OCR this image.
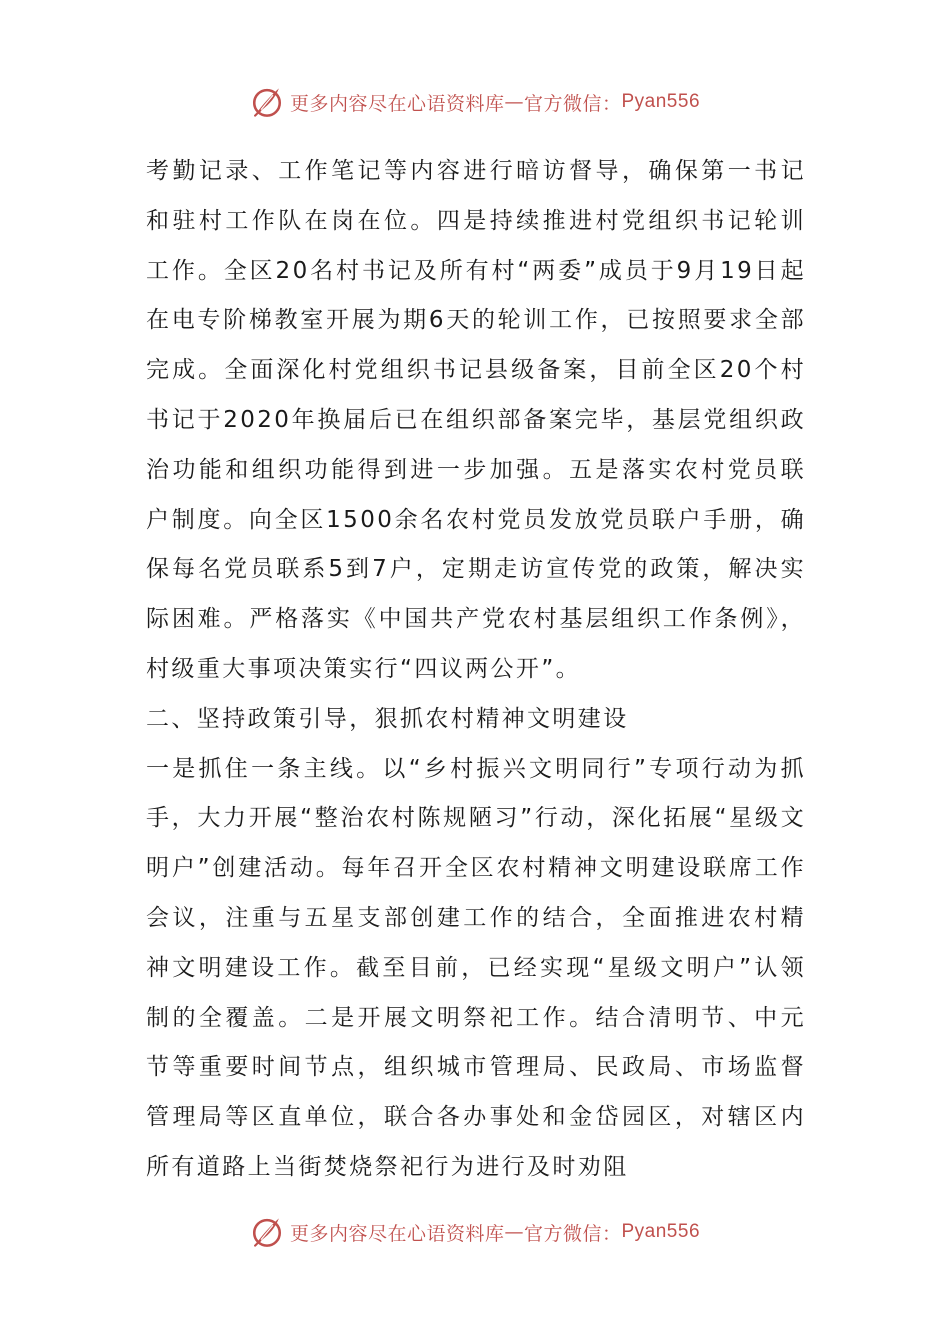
更多内容尽在心语资料库 — 官方微信： Pyan556

考勤记录、工作笔记等内容进行暗访督导，确保第一书记和驻村工作队在岗在位。四是持续推进村党组织书记轮训工作。全区20名村书记及所有村“两委”成员于9月19日起在电专阶梯教室开展为期6天的轮训工作，已按照要求全部完成。全面深化村党组织书记县级备案，目前全区20个村书记于2020年换届后已在组织部备案完毕，基层党组织政治功能和组织功能得到进一步加强。五是落实农村党员联户制度。向全区1500余名农村党员发放党员联户手册，确保每名党员联系5到7户，定期走访宣传党的政策，解决实际困难。严格落实《中国共产党农村基层组织工作条例》，村级重大事项决策实行“四议两公开”。

二、坚持政策引导，狠抓农村精神文明建设

一是抓住一条主线。以“乡村振兴文明同行”专项行动为抓手，大力开展“整治农村陈规陋习”行动，深化拓展“星级文明户”创建活动。每年召开全区农村精神文明建设联席工作会议，注重与五星支部创建工作的结合，全面推进农村精神文明建设工作。截至目前，已经实现“星级文明户”认领制的全覆盖。二是开展文明祭祀工作。结合清明节、中元节等重要时间节点，组织城市管理局、民政局、市场监督管理局等区直单位，联合各办事处和金岱园区，对辖区内所有道路上当街焚烧祭祀行为进行及时劝阻

更多内容尽在心语资料库 — 官方微信： Pyan556
